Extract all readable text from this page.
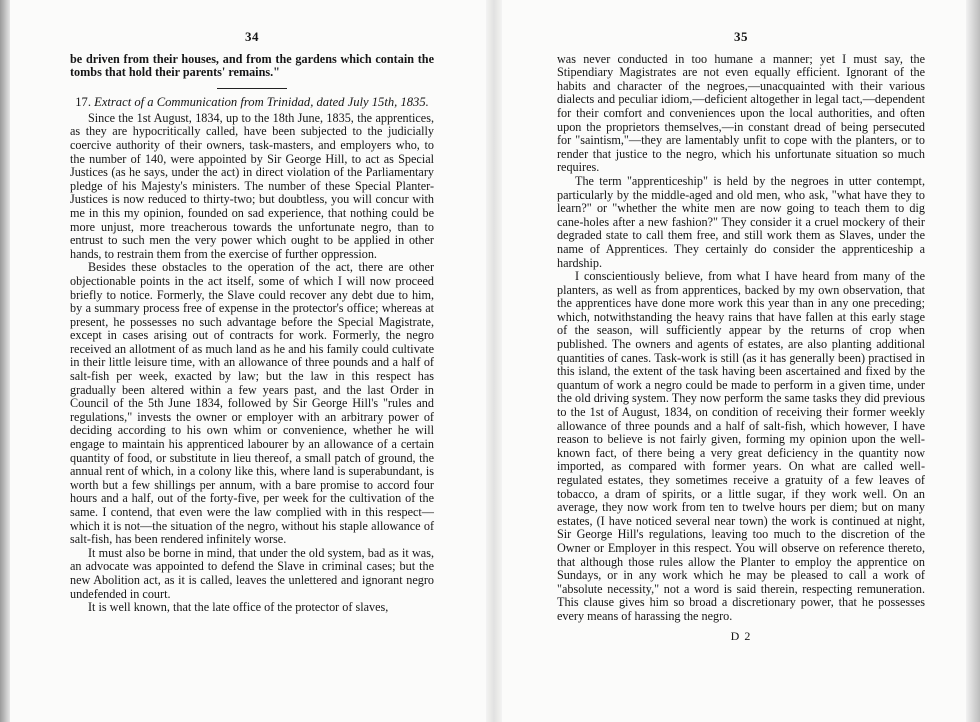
34

be driven from their houses, and from the gardens which contain the tombs that hold their parents' remains."

17. Extract of a Communication from Trinidad, dated July 15th, 1835.

Since the 1st August, 1834, up to the 18th June, 1835, the apprentices, as they are hypocritically called, have been subjected to the judicially coercive authority of their owners, task-masters, and employers who, to the number of 140, were appointed by Sir George Hill, to act as Special Justices (as he says, under the act) in direct violation of the Parliamentary pledge of his Majesty's ministers. The number of these Special Planter-Justices is now reduced to thirty-two; but doubtless, you will concur with me in this my opinion, founded on sad experience, that nothing could be more unjust, more treacherous towards the unfortunate negro, than to entrust to such men the very power which ought to be applied in other hands, to restrain them from the exercise of further oppression.

Besides these obstacles to the operation of the act, there are other objectionable points in the act itself, some of which I will now proceed briefly to notice. Formerly, the Slave could recover any debt due to him, by a summary process free of expense in the protector's office; whereas at present, he possesses no such advantage before the Special Magistrate, except in cases arising out of contracts for work. Formerly, the negro received an allotment of as much land as he and his family could cultivate in their little leisure time, with an allowance of three pounds and a half of salt-fish per week, exacted by law; but the law in this respect has gradually been altered within a few years past, and the last Order in Council of the 5th June 1834, followed by Sir George Hill's "rules and regulations," invests the owner or employer with an arbitrary power of deciding according to his own whim or convenience, whether he will engage to maintain his apprenticed labourer by an allowance of a certain quantity of food, or substitute in lieu thereof, a small patch of ground, the annual rent of which, in a colony like this, where land is superabundant, is worth but a few shillings per annum, with a bare promise to accord four hours and a half, out of the forty-five, per week for the cultivation of the same. I contend, that even were the law complied with in this respect—which it is not—the situation of the negro, without his staple allowance of salt-fish, has been rendered infinitely worse.

It must also be borne in mind, that under the old system, bad as it was, an advocate was appointed to defend the Slave in criminal cases; but the new Abolition act, as it is called, leaves the unlettered and ignorant negro undefended in court.

It is well known, that the late office of the protector of slaves,

35

was never conducted in too humane a manner; yet I must say, the Stipendiary Magistrates are not even equally efficient. Ignorant of the habits and character of the negroes,—unacquainted with their various dialects and peculiar idiom,—deficient altogether in legal tact,—dependent for their comfort and conveniences upon the local authorities, and often upon the proprietors themselves,—in constant dread of being persecuted for "saintism,"—they are lamentably unfit to cope with the planters, or to render that justice to the negro, which his unfortunate situation so much requires.

The term "apprenticeship" is held by the negroes in utter contempt, particularly by the middle-aged and old men, who ask, "what have they to learn?" or "whether the white men are now going to teach them to dig cane-holes after a new fashion?" They consider it a cruel mockery of their degraded state to call them free, and still work them as Slaves, under the name of Apprentices. They certainly do consider the apprenticeship a hardship.

I conscientiously believe, from what I have heard from many of the planters, as well as from apprentices, backed by my own observation, that the apprentices have done more work this year than in any one preceding; which, notwithstanding the heavy rains that have fallen at this early stage of the season, will sufficiently appear by the returns of crop when published. The owners and agents of estates, are also planting additional quantities of canes. Task-work is still (as it has generally been) practised in this island, the extent of the task having been ascertained and fixed by the quantum of work a negro could be made to perform in a given time, under the old driving system. They now perform the same tasks they did previous to the 1st of August, 1834, on condition of receiving their former weekly allowance of three pounds and a half of salt-fish, which however, I have reason to believe is not fairly given, forming my opinion upon the well-known fact, of there being a very great deficiency in the quantity now imported, as compared with former years. On what are called well-regulated estates, they sometimes receive a gratuity of a few leaves of tobacco, a dram of spirits, or a little sugar, if they work well. On an average, they now work from ten to twelve hours per diem; but on many estates, (I have noticed several near town) the work is continued at night, Sir George Hill's regulations, leaving too much to the discretion of the Owner or Employer in this respect. You will observe on reference thereto, that although those rules allow the Planter to employ the apprentice on Sundays, or in any work which he may be pleased to call a work of "absolute necessity," not a word is said therein, respecting remuneration. This clause gives him so broad a discretionary power, that he possesses every means of harassing the negro.

D 2
